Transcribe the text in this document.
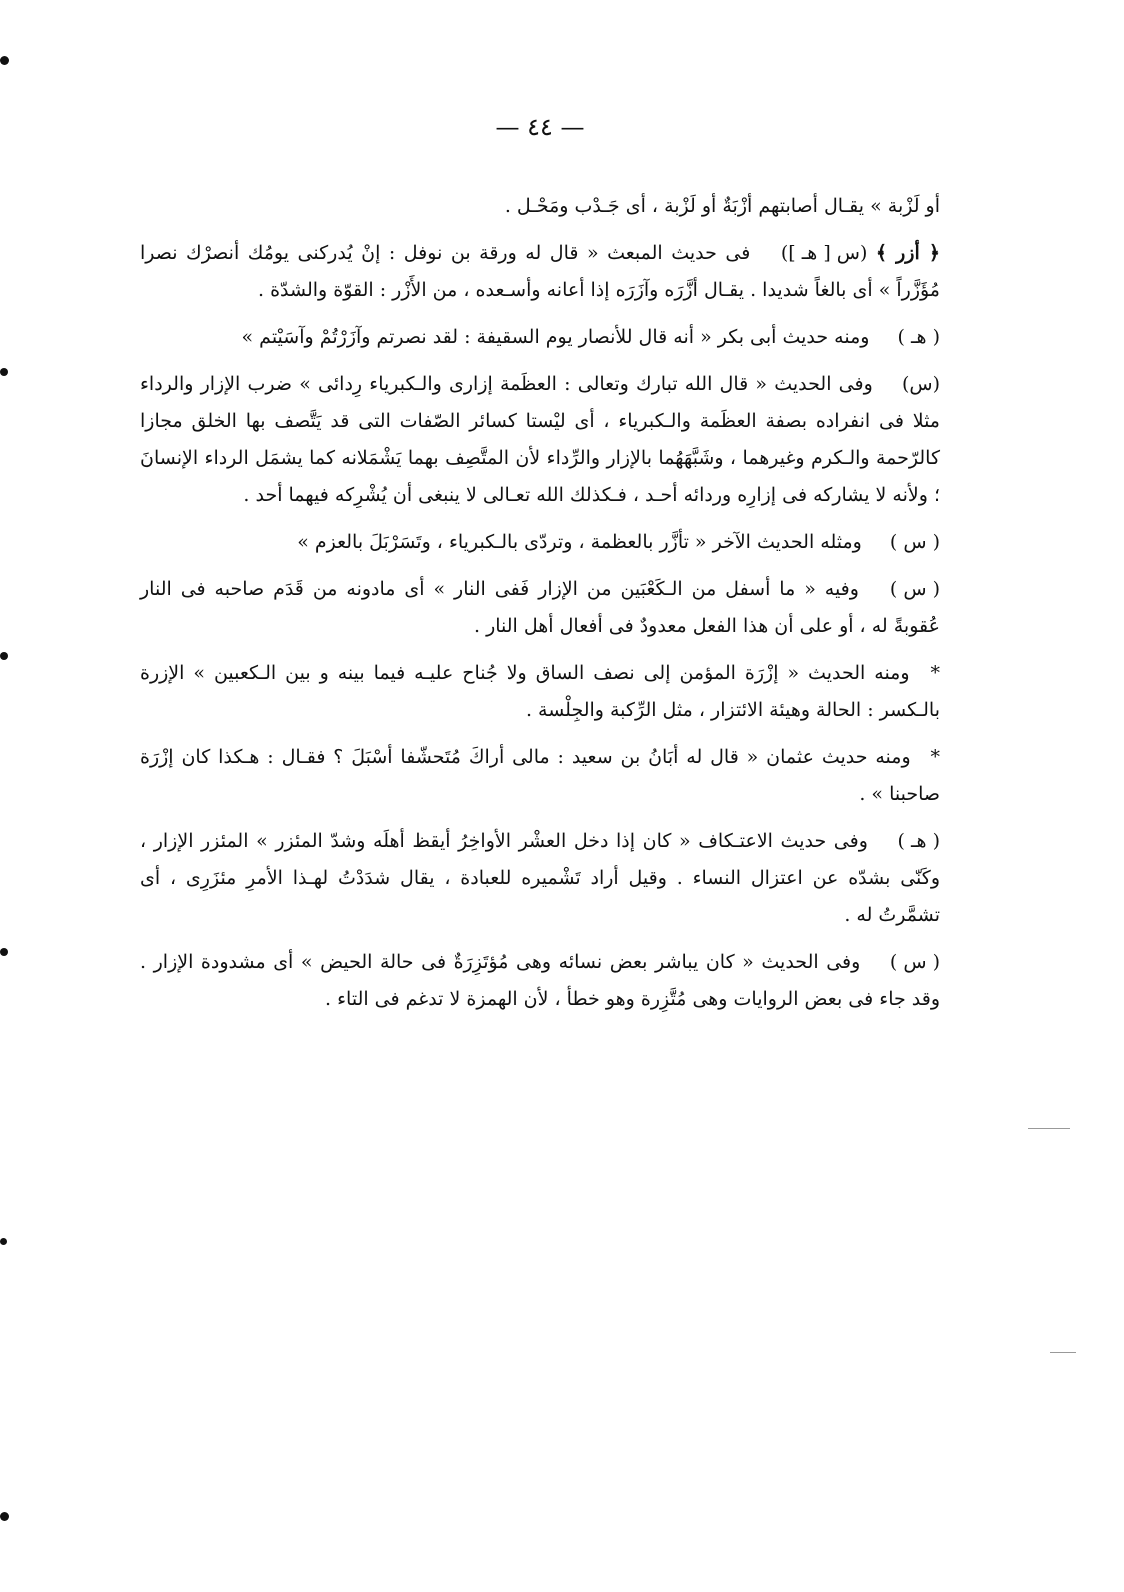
— ٤٤ —

أو لَزْبة » يقـال أصابتهم أزْبَةٌ أو لَزْبة ، أى جَـدْب ومَحْـل .

﴿ أزر ﴾ (س [ هـ ]) فى حديث المبعث « قال له ورقة بن نوفل : إنْ يُدركنى يومُك أنصرْك نصرا مُؤَزَّراً » أى بالغاً شديدا . يقـال أزَّرَه وآزَرَه إذا أعانه وأسـعده ، من الأَزْر : القوّة والشدّة .

( هـ ) ومنه حديث أبى بكر « أنه قال للأنصار يوم السقيفة : لقد نصرتم وآزَرْتُمْ وآسَيْتم »

(س) وفى الحديث « قال الله تبارك وتعالى : العظَمة إزارى والـكبرياء رِدائى » ضرب الإزار والرداء مثلا فى انفراده بصفة العظَمة والـكبرياء ، أى ليْستا كسائر الصّفات التى قد يَتَّصف بها الخلق مجازا كالرّحمة والـكرم وغيرهما ، وشَبَّهَهُما بالإزار والرِّداء لأن المتَّصِف بهما يَشْمَلانه كما يشمَل الرداء الإنسانَ ؛ ولأنه لا يشاركه فى إزارِه وردائه أحـد ، فـكذلك الله تعـالى لا ينبغى أن يُشْرِكه فيهما أحد .

( س ) ومثله الحديث الآخر « تأزَّر بالعظمة ، وتردّى بالـكبرياء ، وتَسَرْبَلَ بالعزم »

( س ) وفيه « ما أسفل من الـكَعْبَين من الإزار فَفى النار » أى مادونه من قَدَم صاحبه فى النار عُقوبةً له ، أو على أن هذا الفعل معدودٌ فى أفعال أهل النار .

* ومنه الحديث « إزْرَة المؤمن إلى نصف الساق ولا جُناح عليـه فيما بينه و بين الـكعبين » الإزرة بالـكسر : الحالة وهيئة الائتزار ، مثل الرِّكبة والجِلْسة .

* ومنه حديث عثمان « قال له أبَانُ بن سعيد : مالى أراكَ مُتَحشّفا أسْبَلَ ؟ فقـال : هـكذا كان إزْرَة صاحبنا » .

( هـ ) وفى حديث الاعتـكاف « كان إذا دخل العشْر الأواخِرُ أيقظ أهلَه وشدّ المئزر » المئزر الإزار ، وكَنّى بشدّه عن اعتزال النساء . وقيل أراد تَشْميره للعبادة ، يقال شدَدْتُ لهـذا الأمرِ مئزَرِى ، أى تشمَّرتُ له .

( س ) وفى الحديث « كان يباشر بعض نسائه وهى مُؤتَزِرَةٌ فى حالة الحيض » أى مشدودة الإزار . وقد جاء فى بعض الروايات وهى مُتَّزِرة وهو خطأ ، لأن الهمزة لا تدغم فى التاء .
